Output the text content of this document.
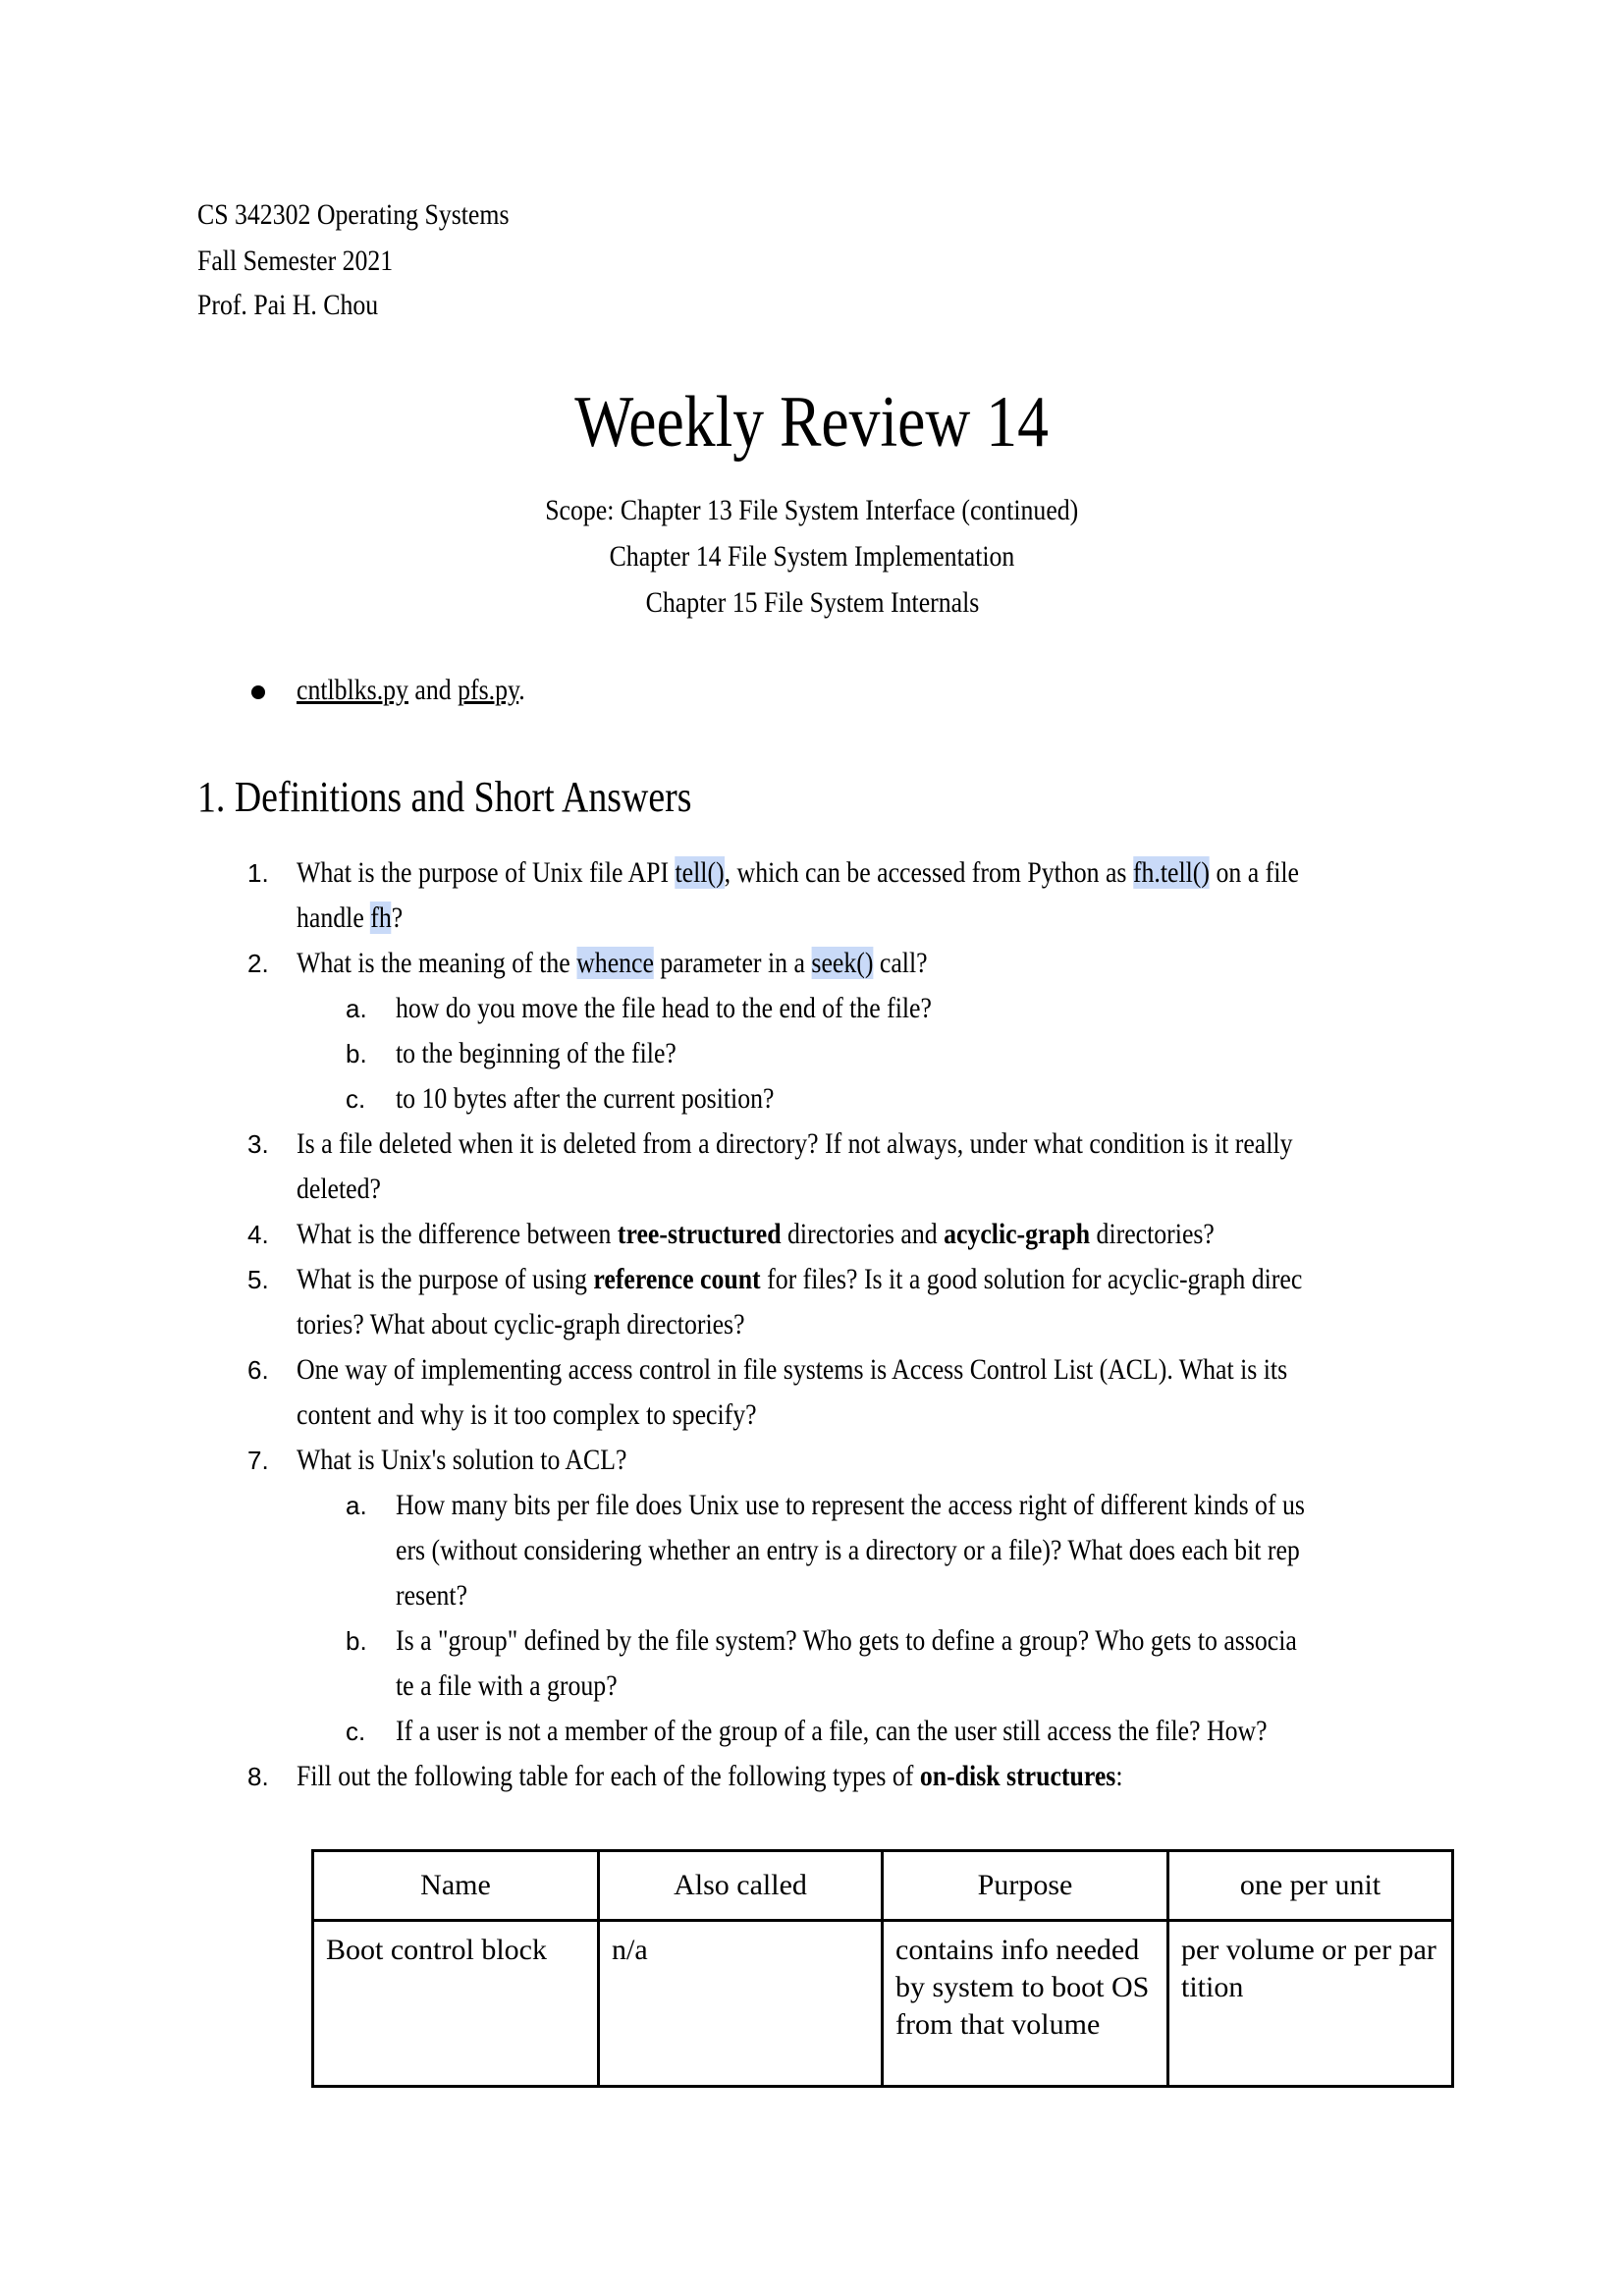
CS 342302 Operating Systems
Fall Semester 2021
Prof. Pai H. Chou
Weekly Review 14
Scope: Chapter 13 File System Interface (continued)
Chapter 14 File System Implementation
Chapter 15 File System Internals
cntlblks.py and pfs.py.
1. Definitions and Short Answers
1. What is the purpose of Unix file API tell(), which can be accessed from Python as fh.tell() on a file
handle fh?
2. What is the meaning of the whence parameter in a seek() call?
a. how do you move the file head to the end of the file?
b. to the beginning of the file?
c. to 10 bytes after the current position?
3. Is a file deleted when it is deleted from a directory? If not always, under what condition is it really
deleted?
4. What is the difference between tree-structured directories and acyclic-graph directories?
5. What is the purpose of using reference count for files? Is it a good solution for acyclic-graph direc
tories? What about cyclic-graph directories?
6. One way of implementing access control in file systems is Access Control List (ACL). What is its
content and why is it too complex to specify?
7. What is Unix's solution to ACL?
a. How many bits per file does Unix use to represent the access right of different kinds of us
ers (without considering whether an entry is a directory or a file)? What does each bit rep
resent?
b. Is a "group" defined by the file system? Who gets to define a group? Who gets to associa
te a file with a group?
c. If a user is not a member of the group of a file, can the user still access the file? How?
8. Fill out the following table for each of the following types of on-disk structures:
Name	Also called	Purpose	one per unit
Boot control block	n/a	contains info needed by system to boot OS from that volume	per volume or per partition
